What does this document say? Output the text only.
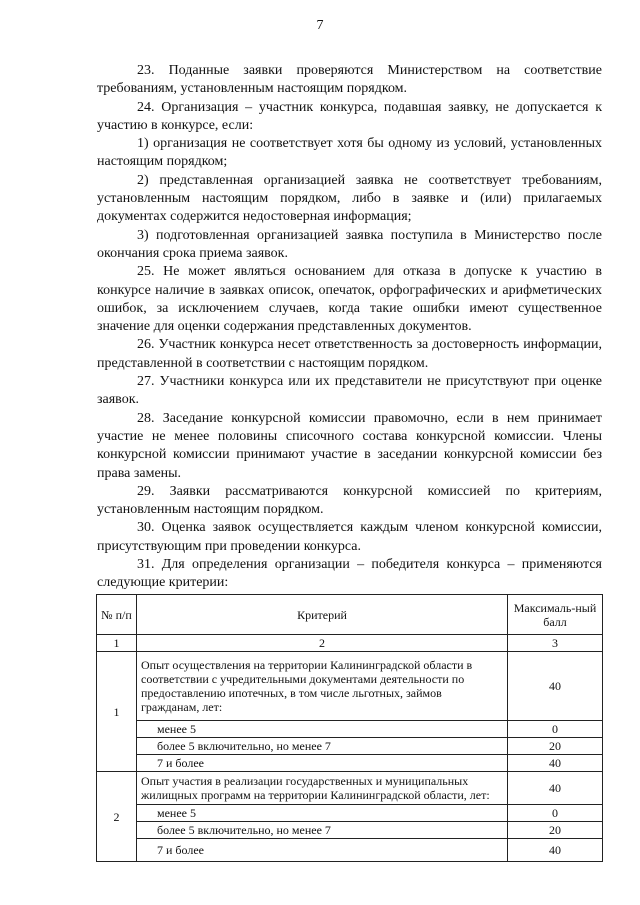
7

23. Поданные заявки проверяются Министерством на соответствие требованиям, установленным настоящим порядком.

24. Организация – участник конкурса, подавшая заявку, не допускается к участию в конкурсе, если:

1) организация не соответствует хотя бы одному из условий, установленных настоящим порядком;

2) представленная организацией заявка не соответствует требованиям, установленным настоящим порядком, либо в заявке и (или) прилагаемых документах содержится недостоверная информация;

3) подготовленная организацией заявка поступила в Министерство после окончания срока приема заявок.

25. Не может являться основанием для отказа в допуске к участию в конкурсе наличие в заявках описок, опечаток, орфографических и арифметических ошибок, за исключением случаев, когда такие ошибки имеют существенное значение для оценки содержания представленных документов.

26. Участник конкурса несет ответственность за достоверность информации, представленной в соответствии с настоящим порядком.

27. Участники конкурса или их представители не присутствуют при оценке заявок.

28. Заседание конкурсной комиссии правомочно, если в нем принимает участие не менее половины списочного состава конкурсной комиссии. Члены конкурсной комиссии принимают участие в заседании конкурсной комиссии без права замены.

29. Заявки рассматриваются конкурсной комиссией по критериям, установленным настоящим порядком.

30. Оценка заявок осуществляется каждым членом конкурсной комиссии, присутствующим при проведении конкурса.

31. Для определения организации – победителя конкурса – применяются следующие критерии:

№ п/п	Критерий	Максималь-ный балл
1	2	3
1	Опыт осуществления на территории Калининградской области в соответствии с учредительными документами деятельности по предоставлению ипотечных, в том числе льготных, займов гражданам, лет:	40
	менее 5	0
	более 5 включительно, но менее 7	20
	7 и более	40
2	Опыт участия в реализации государственных и муниципальных жилищных программ на территории Калининградской области, лет:	40
	менее 5	0
	более 5 включительно, но менее 7	20
	7 и более	40
